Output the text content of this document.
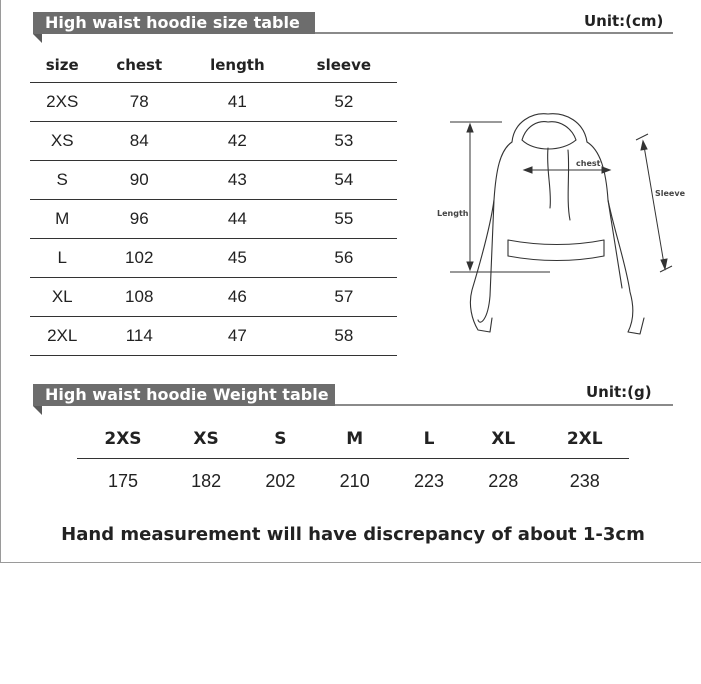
High waist hoodie size table	Unit:(cm)
size	chest	length	sleeve
2XS	78	41	52
XS	84	42	53
S	90	43	54
M	96	44	55
L	102	45	56
XL	108	46	57
2XL	114	47	58
chest
Length
Sleeve
High waist hoodie Weight table	Unit:(g)
2XS	XS	S	M	L	XL	2XL
175	182	202	210	223	228	238
Hand measurement will have discrepancy of about 1-3cm
